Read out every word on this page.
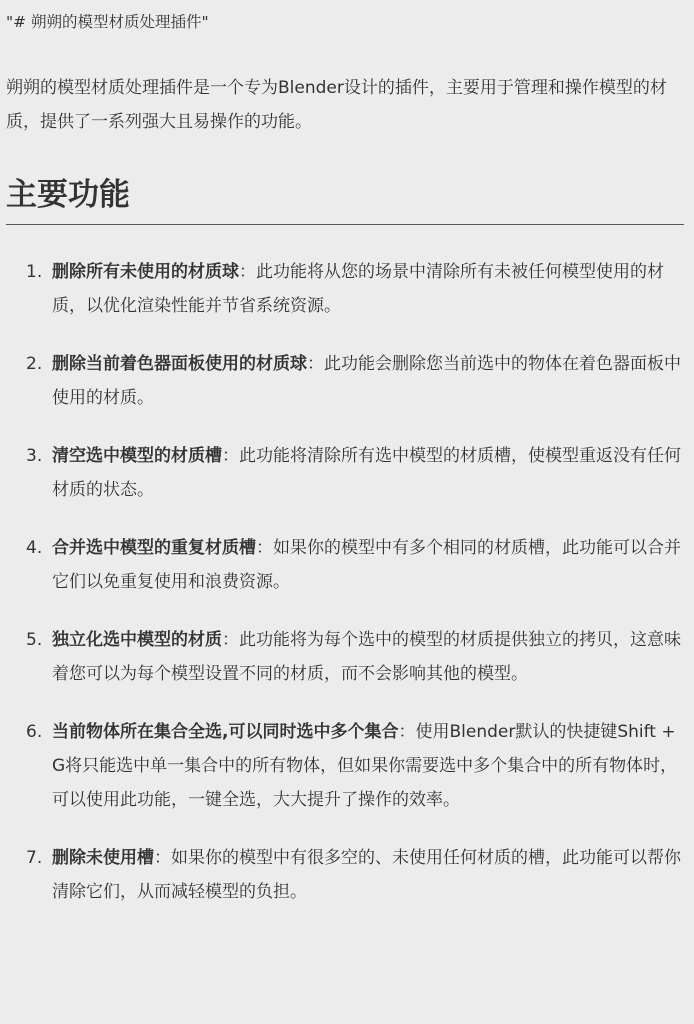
"# 朔朔的模型材质处理插件"

朔朔的模型材质处理插件是一个专为Blender设计的插件，主要用于管理和操作模型的材质，提供了一系列强大且易操作的功能。

主要功能
1. 删除所有未使用的材质球：此功能将从您的场景中清除所有未被任何模型使用的材质，以优化渲染性能并节省系统资源。
2. 删除当前着色器面板使用的材质球：此功能会删除您当前选中的物体在着色器面板中使用的材质。
3. 清空选中模型的材质槽：此功能将清除所有选中模型的材质槽，使模型重返没有任何材质的状态。
4. 合并选中模型的重复材质槽：如果你的模型中有多个相同的材质槽，此功能可以合并它们以免重复使用和浪费资源。
5. 独立化选中模型的材质：此功能将为每个选中的模型的材质提供独立的拷贝，这意味着您可以为每个模型设置不同的材质，而不会影响其他的模型。
6. 当前物体所在集合全选,可以同时选中多个集合：使用Blender默认的快捷键Shift + G将只能选中单一集合中的所有物体，但如果你需要选中多个集合中的所有物体时，可以使用此功能，一键全选，大大提升了操作的效率。
7. 删除未使用槽：如果你的模型中有很多空的、未使用任何材质的槽，此功能可以帮你清除它们，从而减轻模型的负担。
